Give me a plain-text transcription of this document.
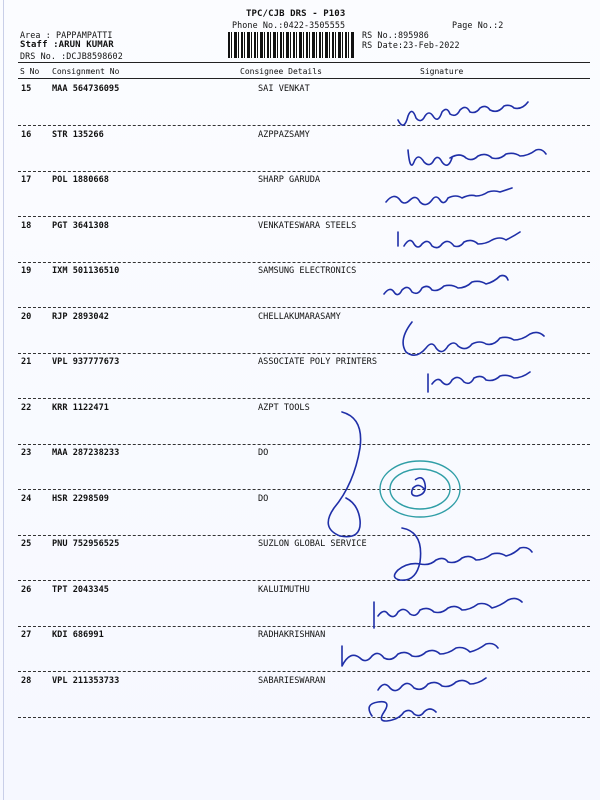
TPC/CJB DRS - P103
Phone No.:0422-3505555
Area : PAPPAMPATTI
Staff :ARUN KUMAR
DRS No. :DCJB8598602
RS No.:895986
RS Date:23-Feb-2022
Page No.:2
S No Consignment No	Consignee Details	Signature
15 MAA 564736095	SAI VENKAT
16 STR 135266	AZPPAZSAMY
17 POL 1880668	SHARP GARUDA
18 PGT 3641308	VENKATESWARA STEELS
19 IXM 501136510	SAMSUNG ELECTRONICS
20 RJP 2893042	CHELLAKUMARASAMY
21 VPL 937777673	ASSOCIATE POLY PRINTERS
22 KRR 1122471	AZPT TOOLS
23 MAA 287238233	DO
24 HSR 2298509	DO
25 PNU 752956525	SUZLON GLOBAL SERVICE
26 TPT 2043345	KALUIMUTHU
27 KDI 686991	RADHAKRISHNAN
28 VPL 211353733	SABARIESWARAN
